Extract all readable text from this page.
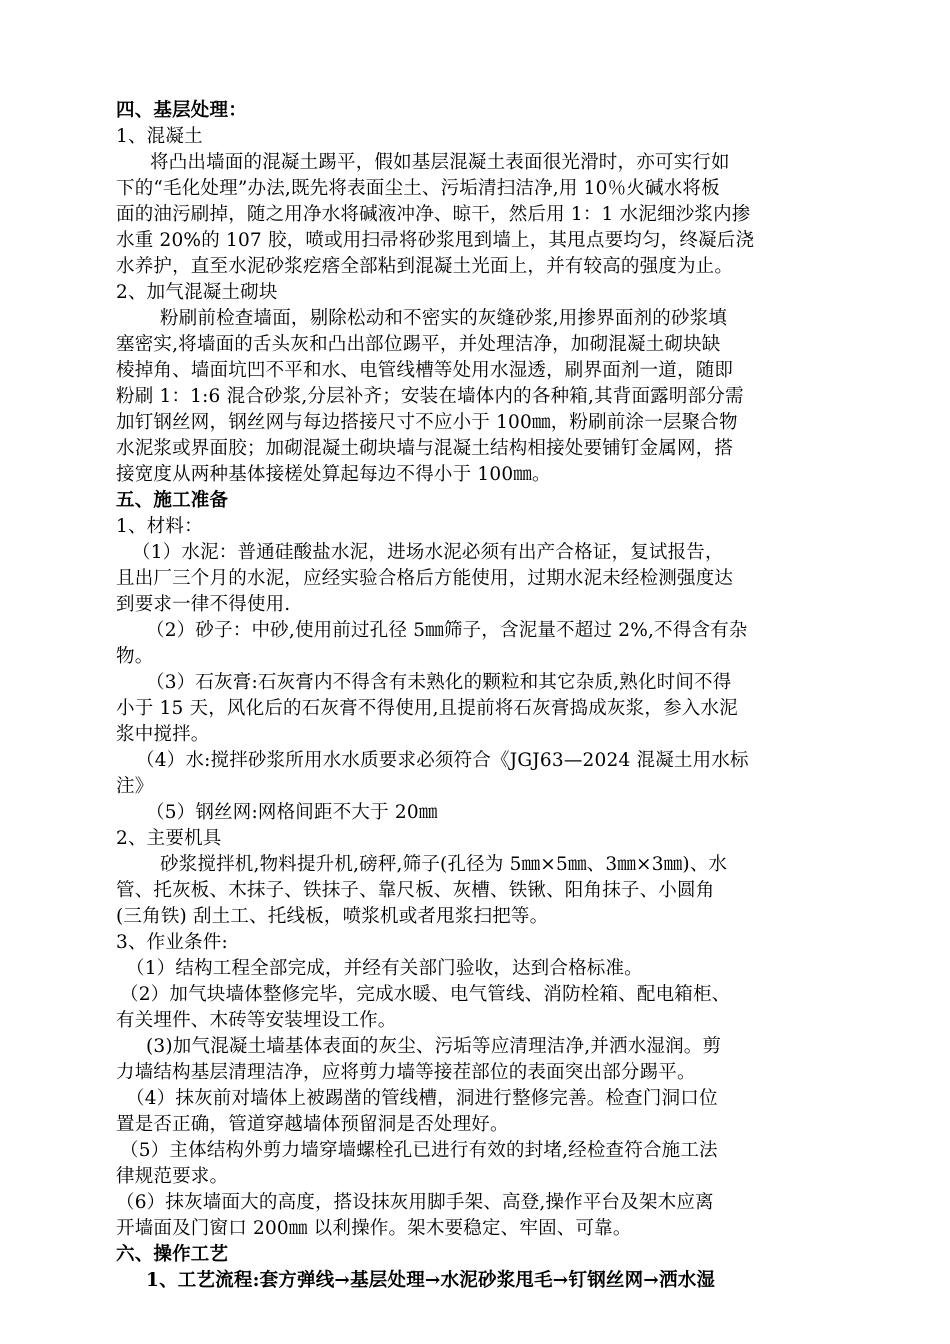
四、基层处理：
1、混凝土
将凸出墙面的混凝土踢平，假如基层混凝土表面很光滑时，亦可实行如
下的“毛化处理”办法,既先将表面尘土、污垢清扫洁净,用 10％火碱水将板
面的油污刷掉，随之用净水将碱液冲净、晾干，然后用 1：1 水泥细沙浆内掺
水重 20%的 107 胶，喷或用扫帚将砂浆甩到墙上，其甩点要均匀，终凝后浇
水养护，直至水泥砂浆疙瘩全部粘到混凝土光面上，并有较高的强度为止。
2、加气混凝土砌块
粉刷前检查墙面，剔除松动和不密实的灰缝砂浆,用掺界面剂的砂浆填
塞密实,将墙面的舌头灰和凸出部位踢平，并处理洁净，加砌混凝土砌块缺
棱掉角、墙面坑凹不平和水、电管线槽等处用水湿透，刷界面剂一道，随即
粉刷 1：1:6 混合砂浆,分层补齐；安装在墙体内的各种箱,其背面露明部分需
加钉钢丝网，钢丝网与每边搭接尺寸不应小于 100㎜，粉刷前涂一层聚合物
水泥浆或界面胶；加砌混凝土砌块墙与混凝土结构相接处要铺钉金属网，搭
接宽度从两种基体接槎处算起每边不得小于 100㎜。
五、施工准备
1、材料：
（1）水泥：普通硅酸盐水泥，进场水泥必须有出产合格证，复试报告，
且出厂三个月的水泥，应经实验合格后方能使用，过期水泥未经检测强度达
到要求一律不得使用.
（2）砂子：中砂,使用前过孔径 5㎜筛子，含泥量不超过 2%,不得含有杂
物。
（3）石灰膏:石灰膏内不得含有未熟化的颗粒和其它杂质,熟化时间不得
小于 15 天，风化后的石灰膏不得使用,且提前将石灰膏捣成灰浆，参入水泥
浆中搅拌。
（4）水:搅拌砂浆所用水水质要求必须符合《JGJ63—2024 混凝土用水标
注》
（5）钢丝网:网格间距不大于 20㎜
2、主要机具
砂浆搅拌机,物料提升机,磅秤,筛子(孔径为 5㎜×5㎜、3㎜×3㎜)、水
管、托灰板、木抹子、铁抹子、靠尺板、灰槽、铁锹、阳角抹子、小圆角
(三角铁) 刮土工、托线板，喷浆机或者甩浆扫把等。
3、作业条件:
（1）结构工程全部完成，并经有关部门验收，达到合格标准。
（2）加气块墙体整修完毕，完成水暖、电气管线、消防栓箱、配电箱柜、
有关埋件、木砖等安装埋设工作。
(3)加气混凝土墙基体表面的灰尘、污垢等应清理洁净,并洒水湿润。剪
力墙结构基层清理洁净，应将剪力墙等接茬部位的表面突出部分踢平。
（4）抹灰前对墙体上被踢凿的管线槽，洞进行整修完善。检查门洞口位
置是否正确，管道穿越墙体预留洞是否处理好。
（5）主体结构外剪力墙穿墙螺栓孔已进行有效的封堵,经检查符合施工法
律规范要求。
（6）抹灰墙面大的高度，搭设抹灰用脚手架、高登,操作平台及架木应离
开墙面及门窗口 200㎜ 以利操作。架木要稳定、牢固、可靠。
六、操作工艺
1、工艺流程:套方弹线→基层处理→水泥砂浆甩毛→钉钢丝网→洒水湿
